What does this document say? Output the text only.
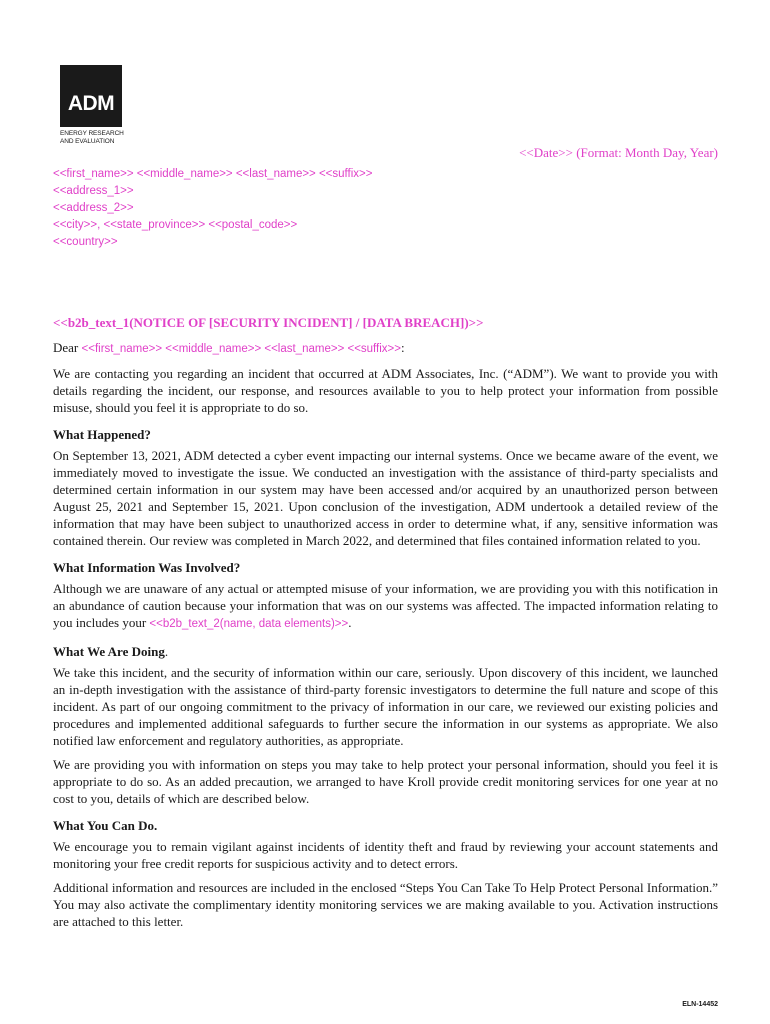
ADM
ENERGY RESEARCH
AND EVALUATION
<<Date>> (Format: Month Day, Year)
<<first_name>> <<middle_name>> <<last_name>> <<suffix>>
<<address_1>>
<<address_2>>
<<city>>, <<state_province>> <<postal_code>>
<<country>>

<<b2b_text_1(NOTICE OF [SECURITY INCIDENT] / [DATA BREACH])>>

Dear <<first_name>> <<middle_name>> <<last_name>> <<suffix>>:

We are contacting you regarding an incident that occurred at ADM Associates, Inc. (“ADM”). We want to provide you with details regarding the incident, our response, and resources available to you to help protect your information from possible misuse, should you feel it is appropriate to do so.

What Happened?

On September 13, 2021, ADM detected a cyber event impacting our internal systems. Once we became aware of the event, we immediately moved to investigate the issue. We conducted an investigation with the assistance of third-party specialists and determined certain information in our system may have been accessed and/or acquired by an unauthorized person between August 25, 2021 and September 15, 2021. Upon conclusion of the investigation, ADM undertook a detailed review of the information that may have been subject to unauthorized access in order to determine what, if any, sensitive information was contained therein. Our review was completed in March 2022, and determined that files contained information related to you.

What Information Was Involved?

Although we are unaware of any actual or attempted misuse of your information, we are providing you with this notification in an abundance of caution because your information that was on our systems was affected. The impacted information relating to you includes your <<b2b_text_2(name, data elements)>>.

What We Are Doing.

We take this incident, and the security of information within our care, seriously. Upon discovery of this incident, we launched an in-depth investigation with the assistance of third-party forensic investigators to determine the full nature and scope of this incident. As part of our ongoing commitment to the privacy of information in our care, we reviewed our existing policies and procedures and implemented additional safeguards to further secure the information in our systems as appropriate. We also notified law enforcement and regulatory authorities, as appropriate.

We are providing you with information on steps you may take to help protect your personal information, should you feel it is appropriate to do so. As an added precaution, we arranged to have Kroll provide credit monitoring services for one year at no cost to you, details of which are described below.

What You Can Do.

We encourage you to remain vigilant against incidents of identity theft and fraud by reviewing your account statements and monitoring your free credit reports for suspicious activity and to detect errors.

Additional information and resources are included in the enclosed “Steps You Can Take To Help Protect Personal Information.” You may also activate the complimentary identity monitoring services we are making available to you. Activation instructions are attached to this letter.

ELN-14452
